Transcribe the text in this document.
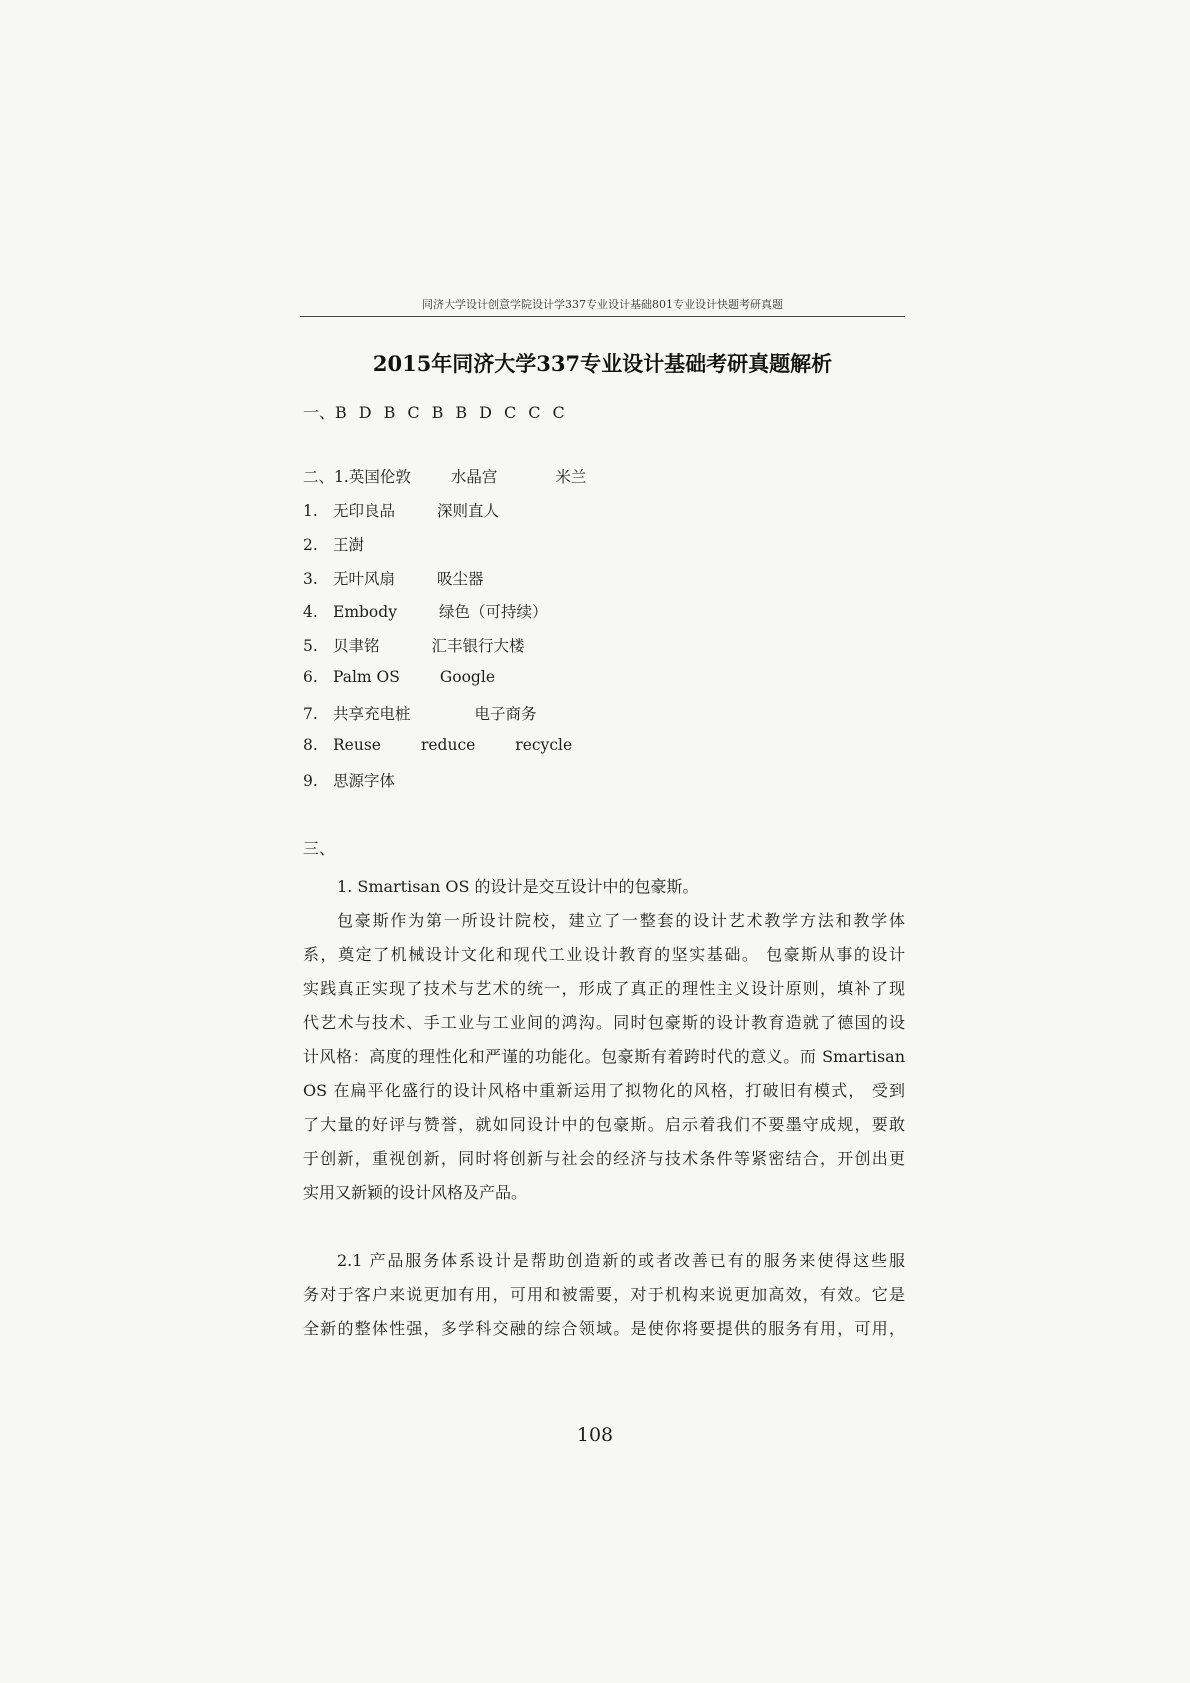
同济大学设计创意学院设计学337专业设计基础801专业设计快题考研真题
2015年同济大学337专业设计基础考研真题解析
一、B D B C B B D C C C
二、1.英国伦敦	水晶宫	米兰
1. 无印良品	深则直人
2. 王澍
3. 无叶风扇	吸尘器
4. Embody	绿色（可持续）
5. 贝聿铭	汇丰银行大楼
6. Palm OS	Google
7. 共享充电桩	电子商务
8. Reuse	reduce	recycle
9. 思源字体
三、
1. Smartisan OS 的设计是交互设计中的包豪斯。
包豪斯作为第一所设计院校，建立了一整套的设计艺术教学方法和教学体
系，奠定了机械设计文化和现代工业设计教育的坚实基础。 包豪斯从事的设计
实践真正实现了技术与艺术的统一，形成了真正的理性主义设计原则，填补了现
代艺术与技术、手工业与工业间的鸿沟。同时包豪斯的设计教育造就了德国的设
计风格：高度的理性化和严谨的功能化。包豪斯有着跨时代的意义。而 Smartisan
OS 在扁平化盛行的设计风格中重新运用了拟物化的风格，打破旧有模式， 受到
了大量的好评与赞誉，就如同设计中的包豪斯。启示着我们不要墨守成规，要敢
于创新，重视创新，同时将创新与社会的经济与技术条件等紧密结合，开创出更
实用又新颖的设计风格及产品。
2.1 产品服务体系设计是帮助创造新的或者改善已有的服务来使得这些服
务对于客户来说更加有用，可用和被需要，对于机构来说更加高效，有效。它是
全新的整体性强，多学科交融的综合领域。是使你将要提供的服务有用，可用，
108
